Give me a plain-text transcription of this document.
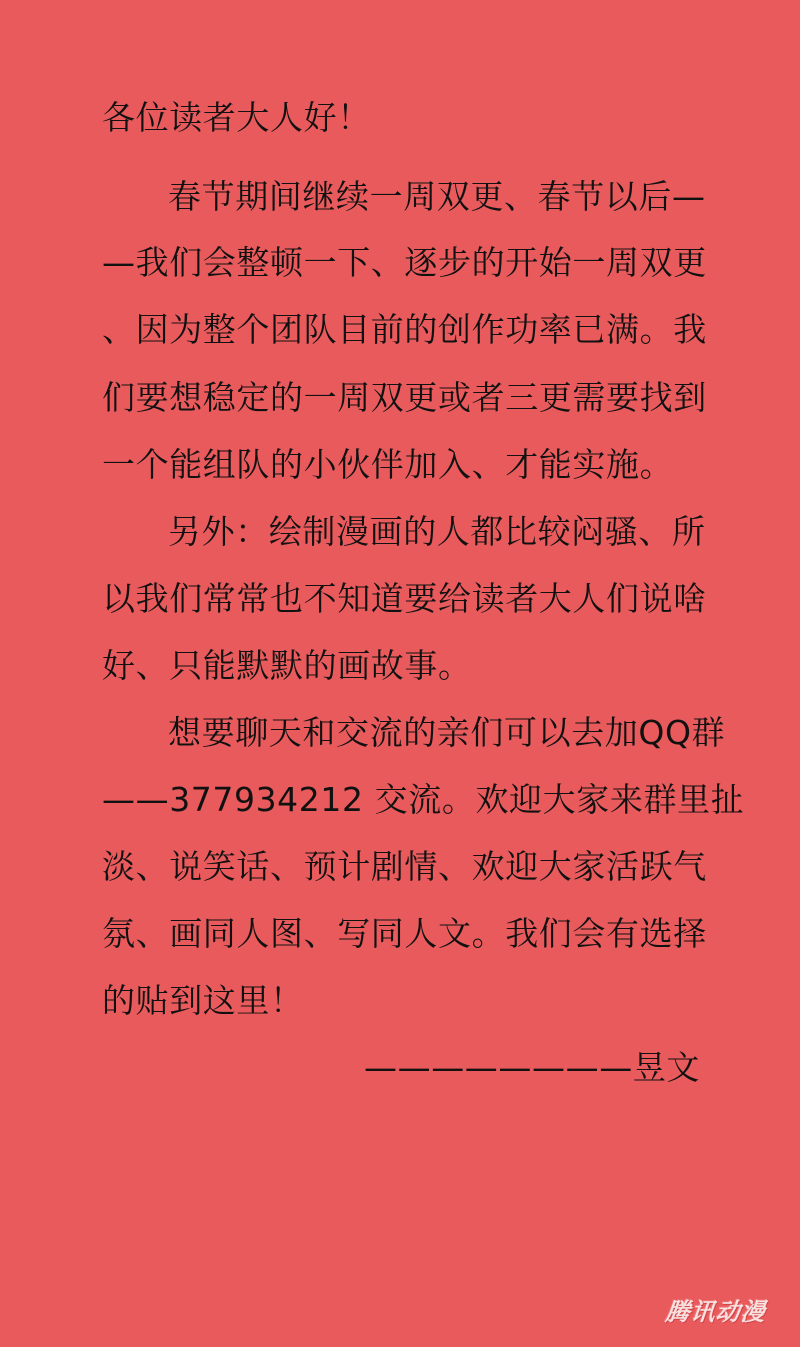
各位读者大人好！
春节期间继续一周双更、春节以后—
—我们会整顿一下、逐步的开始一周双更
、因为整个团队目前的创作功率已满。我
们要想稳定的一周双更或者三更需要找到
一个能组队的小伙伴加入、才能实施。
另外：绘制漫画的人都比较闷骚、所
以我们常常也不知道要给读者大人们说啥
好、只能默默的画故事。
想要聊天和交流的亲们可以去加QQ群
——377934212 交流。欢迎大家来群里扯
淡、说笑话、预计剧情、欢迎大家活跃气
氛、画同人图、写同人文。我们会有选择
的贴到这里！
————————昱文
腾讯动漫
